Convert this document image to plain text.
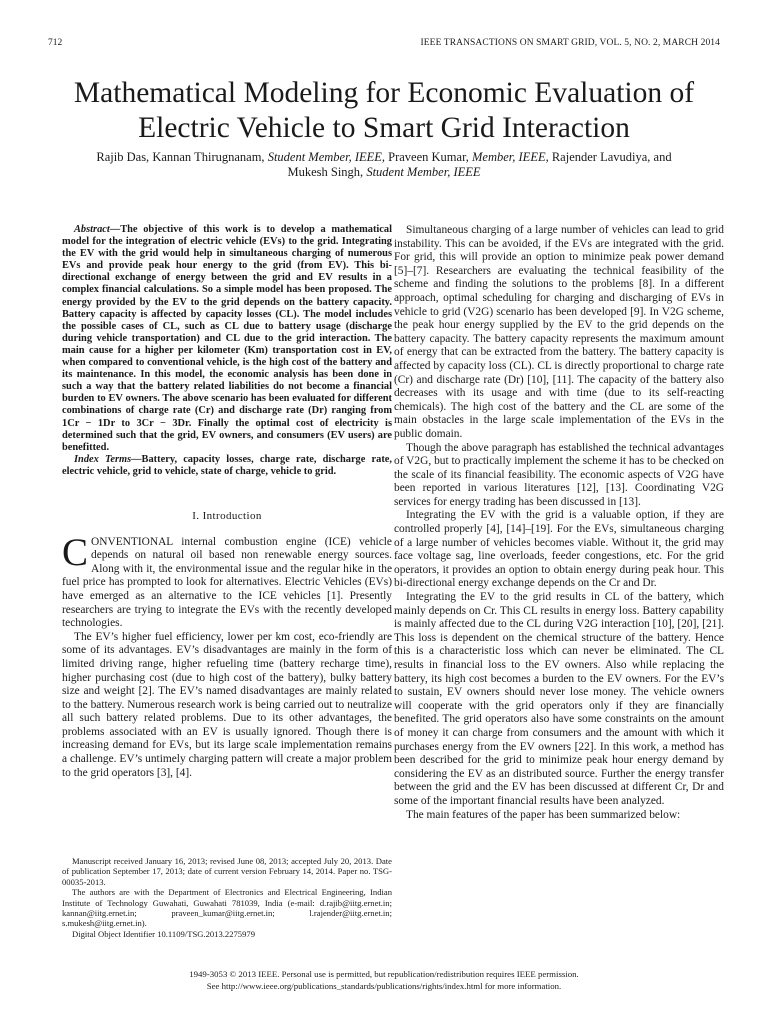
712	IEEE TRANSACTIONS ON SMART GRID, VOL. 5, NO. 2, MARCH 2014
Mathematical Modeling for Economic Evaluation of
Electric Vehicle to Smart Grid Interaction
Rajib Das, Kannan Thirugnanam, Student Member, IEEE, Praveen Kumar, Member, IEEE, Rajender Lavudiya, and
Mukesh Singh, Student Member, IEEE

Abstract—The objective of this work is to develop a mathematical model for the integration of electric vehicle (EVs) to the grid. Integrating the EV with the grid would help in simultaneous charging of numerous EVs and provide peak hour energy to the grid (from EV). This bi-directional exchange of energy between the grid and EV results in a complex financial calculations. So a simple model has been proposed. The energy provided by the EV to the grid depends on the battery capacity. Battery capacity is affected by capacity losses (CL). The model includes the possible cases of CL, such as CL due to battery usage (discharge during vehicle transportation) and CL due to the grid interaction. The main cause for a higher per kilometer (Km) transportation cost in EV, when compared to conventional vehicle, is the high cost of the battery and its maintenance. In this model, the economic analysis has been done in such a way that the battery related liabilities do not become a financial burden to EV owners. The above scenario has been evaluated for different combinations of charge rate (Cr) and discharge rate (Dr) ranging from 1Cr − 1Dr to 3Cr − 3Dr. Finally the optimal cost of electricity is determined such that the grid, EV owners, and consumers (EV users) are benefitted.

Index Terms—Battery, capacity losses, charge rate, discharge rate, electric vehicle, grid to vehicle, state of charge, vehicle to grid.

I. Introduction

CONVENTIONAL internal combustion engine (ICE) vehicle depends on natural oil based non renewable energy sources. Along with it, the environmental issue and the regular hike in the fuel price has prompted to look for alternatives. Electric Vehicles (EVs) have emerged as an alternative to the ICE vehicles [1]. Presently researchers are trying to integrate the EVs with the recently developed technologies.

The EV’s higher fuel efficiency, lower per km cost, eco-friendly are some of its advantages. EV’s disadvantages are mainly in the form of limited driving range, higher refueling time (battery recharge time), higher purchasing cost (due to high cost of the battery), bulky battery size and weight [2]. The EV’s named disadvantages are mainly related to the battery. Numerous research work is being carried out to neutralize all such battery related problems. Due to its other advantages, the problems associated with an EV is usually ignored. Though there is increasing demand for EVs, but its large scale implementation remains a challenge. EV’s untimely charging pattern will create a major problem to the grid operators [3], [4].

Manuscript received January 16, 2013; revised June 08, 2013; accepted July 20, 2013. Date of publication September 17, 2013; date of current version February 14, 2014. Paper no. TSG-00035-2013.

The authors are with the Department of Electronics and Electrical Engineering, Indian Institute of Technology Guwahati, Guwahati 781039, India (e-mail: d.rajib@iitg.ernet.in; kannan@iitg.ernet.in; praveen_kumar@iitg.ernet.in; l.rajender@iitg.ernet.in; s.mukesh@iitg.ernet.in).

Digital Object Identifier 10.1109/TSG.2013.2275979

Simultaneous charging of a large number of vehicles can lead to grid instability. This can be avoided, if the EVs are integrated with the grid. For grid, this will provide an option to minimize peak power demand [5]–[7]. Researchers are evaluating the technical feasibility of the scheme and finding the solutions to the problems [8]. In a different approach, optimal scheduling for charging and discharging of EVs in vehicle to grid (V2G) scenario has been developed [9]. In V2G scheme, the peak hour energy supplied by the EV to the grid depends on the battery capacity. The battery capacity represents the maximum amount of energy that can be extracted from the battery. The battery capacity is affected by capacity loss (CL). CL is directly proportional to charge rate (Cr) and discharge rate (Dr) [10], [11]. The capacity of the battery also decreases with its usage and with time (due to its self-reacting chemicals). The high cost of the battery and the CL are some of the main obstacles in the large scale implementation of the EVs in the public domain.

Though the above paragraph has established the technical advantages of V2G, but to practically implement the scheme it has to be checked on the scale of its financial feasibility. The economic aspects of V2G have been reported in various literatures [12], [13]. Coordinating V2G services for energy trading has been discussed in [13].

Integrating the EV with the grid is a valuable option, if they are controlled properly [4], [14]–[19]. For the EVs, simultaneous charging of a large number of vehicles becomes viable. Without it, the grid may face voltage sag, line overloads, feeder congestions, etc. For the grid operators, it provides an option to obtain energy during peak hour. This bi-directional energy exchange depends on the Cr and Dr.

Integrating the EV to the grid results in CL of the battery, which mainly depends on Cr. This CL results in energy loss. Battery capability is mainly affected due to the CL during V2G interaction [10], [20], [21]. This loss is dependent on the chemical structure of the battery. Hence this is a characteristic loss which can never be eliminated. The CL results in financial loss to the EV owners. Also while replacing the battery, its high cost becomes a burden to the EV owners. For the EV’s to sustain, EV owners should never lose money. The vehicle owners will cooperate with the grid operators only if they are financially benefited. The grid operators also have some constraints on the amount of money it can charge from consumers and the amount with which it purchases energy from the EV owners [22]. In this work, a method has been described for the grid to minimize peak hour energy demand by considering the EV as an distributed source. Further the energy transfer between the grid and the EV has been discussed at different Cr, Dr and some of the important financial results have been analyzed.

The main features of the paper has been summarized below:

1949-3053 © 2013 IEEE. Personal use is permitted, but republication/redistribution requires IEEE permission.
See http://www.ieee.org/publications_standards/publications/rights/index.html for more information.
